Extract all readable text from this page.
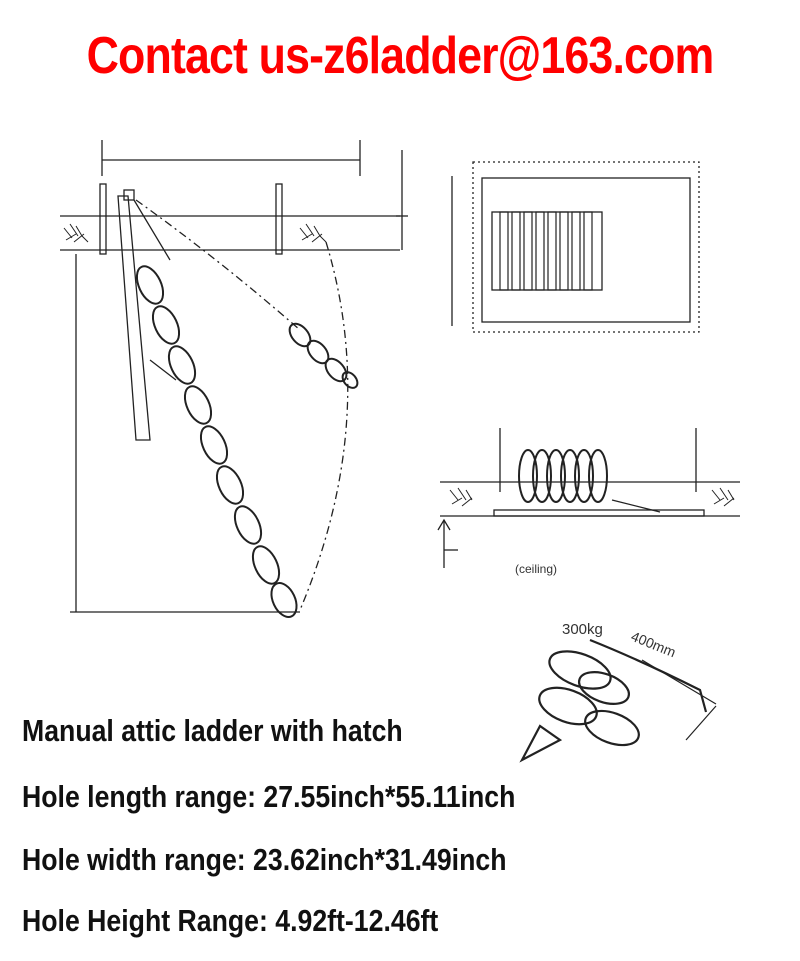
Contact us-z6ladder@163.com
(ceiling)
300kg 400mm
Manual attic ladder with hatch
Hole length range: 27.55inch*55.11inch
Hole width range: 23.62inch*31.49inch
Hole Height Range: 4.92ft-12.46ft
